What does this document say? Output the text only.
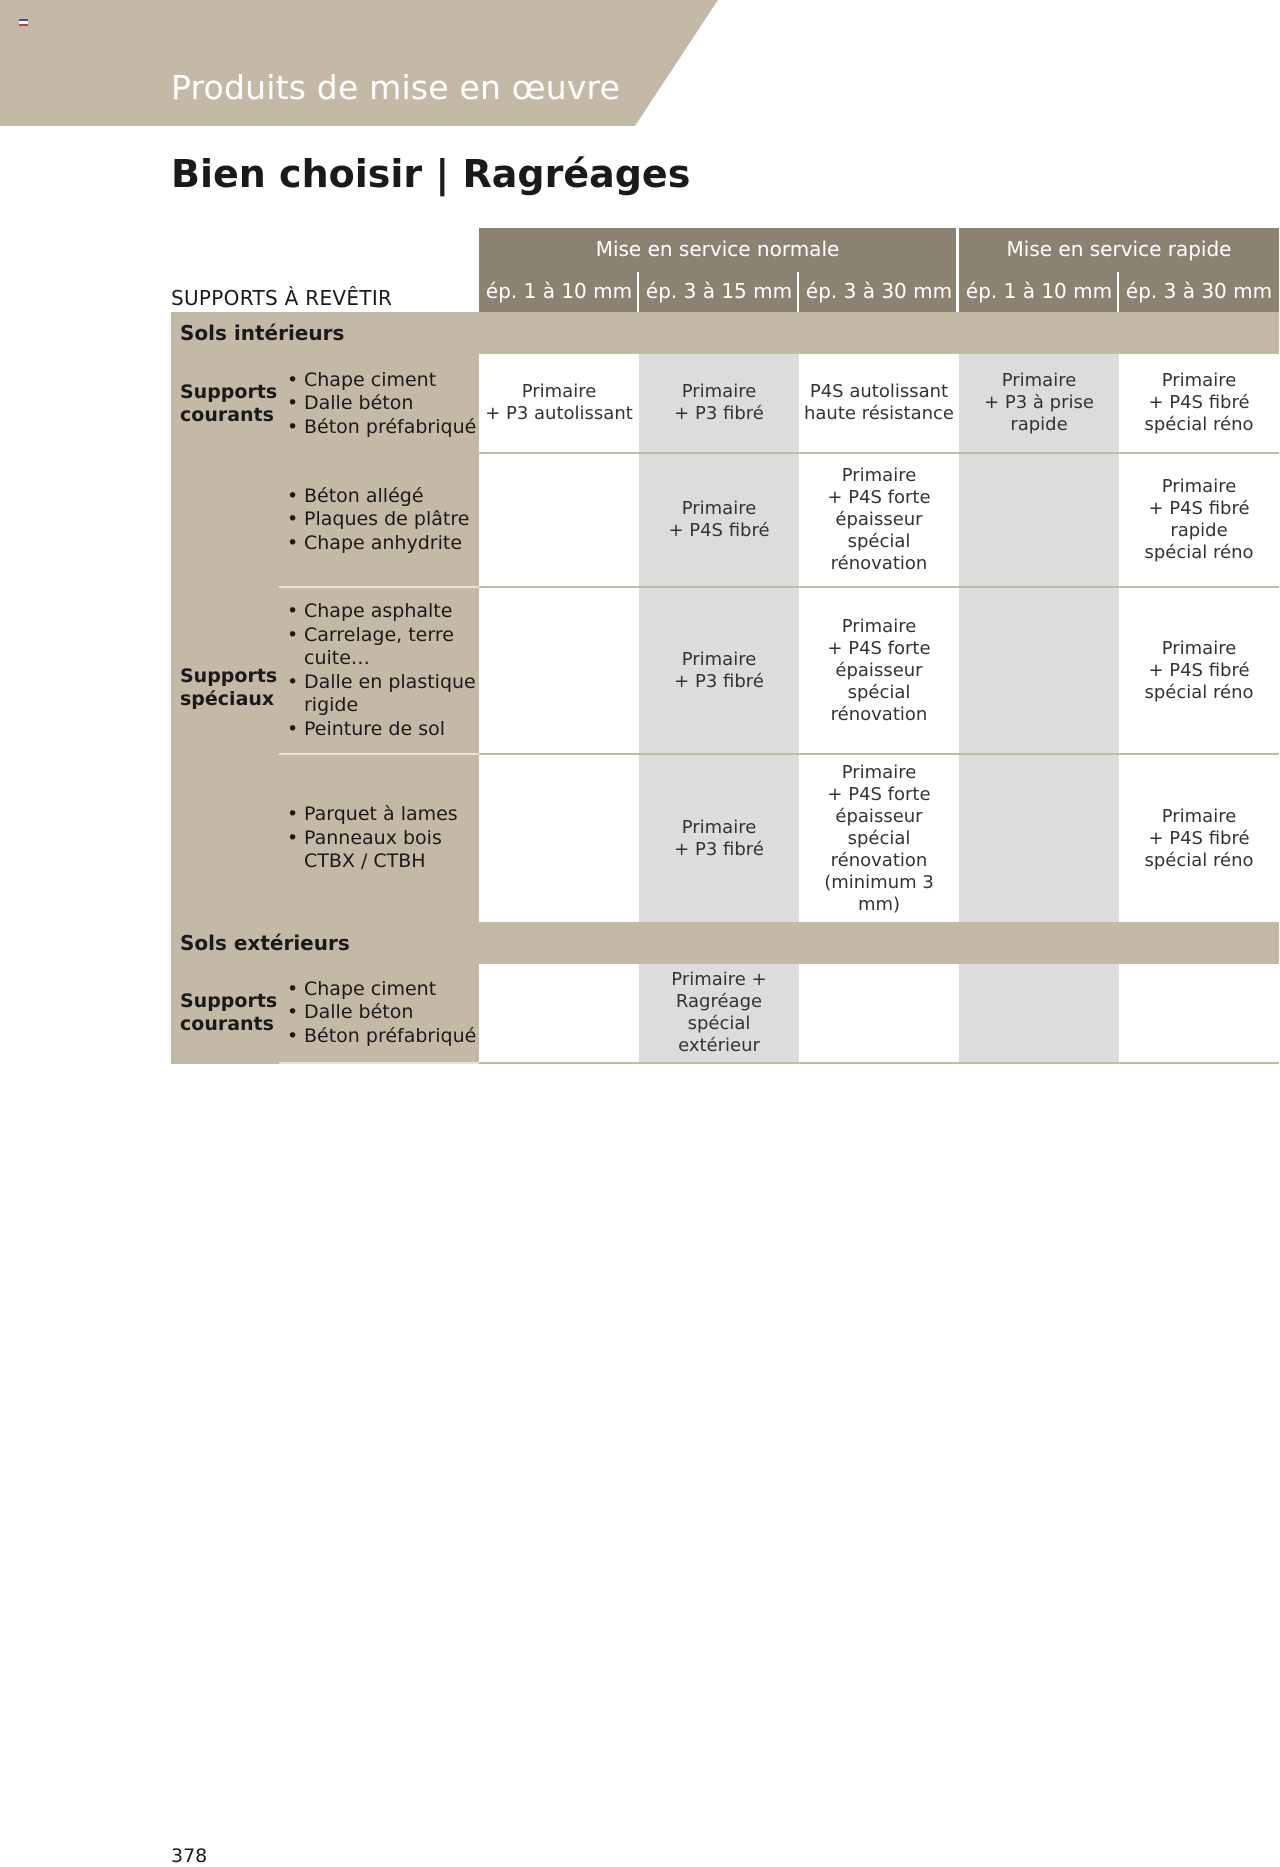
Produits de mise en œuvre
Bien choisir | Ragréages
SUPPORTS À REVÊTIR
Mise en service normale	Mise en service rapide
ép. 1 à 10 mm ép. 3 à 15 mm ép. 3 à 30 mm ép. 1 à 10 mm ép. 3 à 30 mm
Sols intérieurs
Supports courants
• Chape ciment
• Dalle béton
• Béton préfabriqué
Primaire
+ P3 autolissant
Primaire
+ P3 fibré
P4S autolissant
haute résistance
Primaire
+ P3 à prise
rapide
Primaire
+ P4S fibré
spécial réno
Supports spéciaux
• Béton allégé
• Plaques de plâtre
• Chape anhydrite
Primaire
+ P4S fibré
Primaire
+ P4S forte
épaisseur
spécial rénovation
Primaire
+ P4S fibré rapide
spécial réno
• Chape asphalte
• Carrelage, terre cuite…
• Dalle en plastique rigide
• Peinture de sol
Primaire
+ P3 fibré
Primaire
+ P4S forte
épaisseur spécial
rénovation
Primaire
+ P4S fibré
spécial réno
• Parquet à lames
• Panneaux bois CTBX / CTBH
Primaire
+ P3 fibré
Primaire
+ P4S forte
épaisseur spécial
rénovation
(minimum 3 mm)
Primaire
+ P4S fibré
spécial réno
Sols extérieurs
Supports courants
• Chape ciment
• Dalle béton
• Béton préfabriqué
Primaire +
Ragréage spécial
extérieur
378
